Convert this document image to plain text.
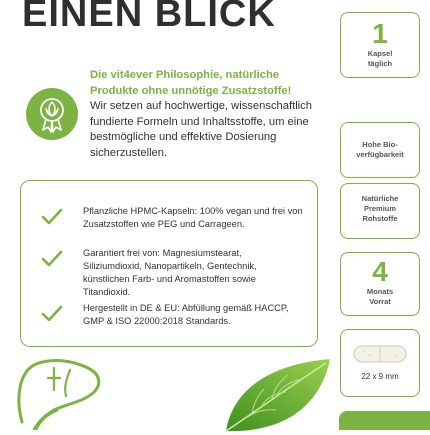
EINEN BLICK
Die vit4ever Philosophie, natürliche Produkte ohne unnötige Zusatzstoffe!
Wir setzen auf hochwertige, wissenschaftlich fundierte Formeln und Inhaltsstoffe, um eine bestmögliche und effektive Dosierung sicherzustellen.
Pflanzliche HPMC-Kapseln: 100% vegan und frei von Zusatzstoffen wie PEG und Carrageen.
Garantiert frei von: Magnesiumstearat, Siliziumdioxid, Nanopartikeln, Gentechnik, künstlichen Farb- und Aromastoffen sowie Titandioxid.
Hergestellt in DE & EU: Abfüllung gemäß HACCP, GMP & ISO 22000:2018 Standards.
1
Kapsel
täglich
Hohe Bio-
verfügbarkeit
Natürliche
Premium
Rohstoffe
4
Monats
Vorrat
22 x 9 mm
